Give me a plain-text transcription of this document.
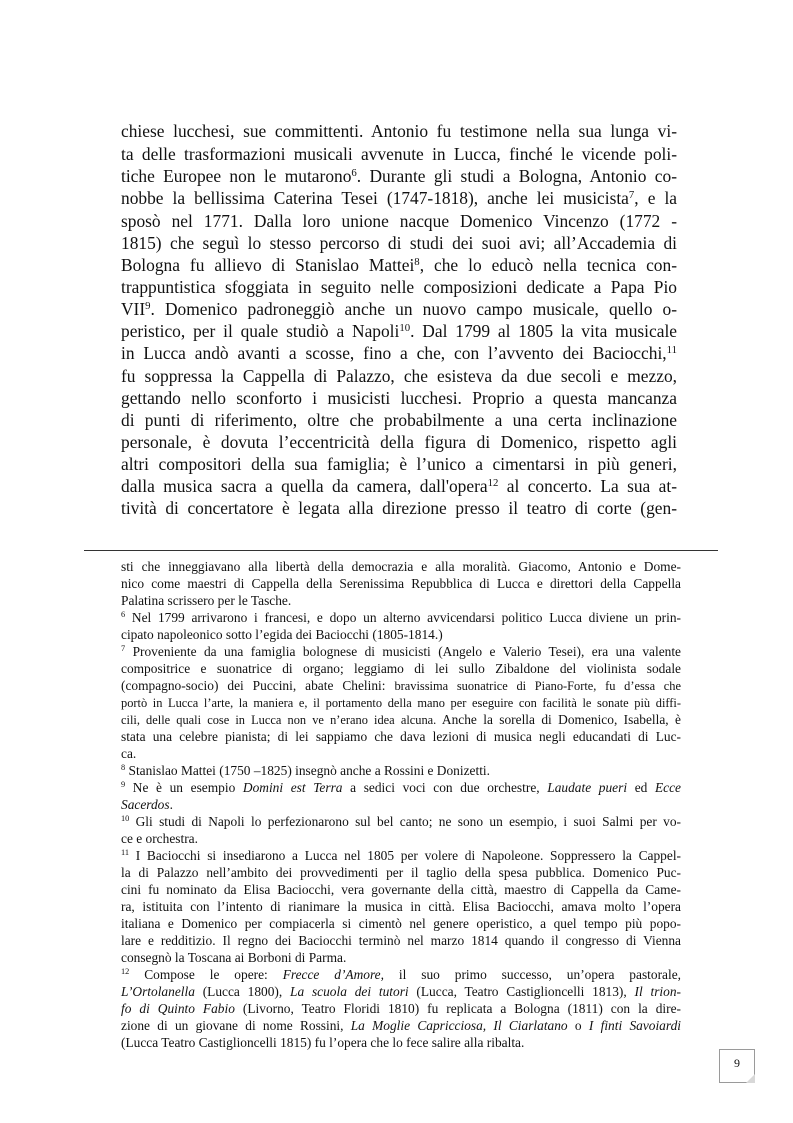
chiese lucchesi, sue committenti. Antonio fu testimone nella sua lunga vi-
ta delle trasformazioni musicali avvenute in Lucca, finché le vicende poli-
tiche Europee non le mutarono$^6$. Durante gli studi a Bologna, Antonio co-
nobbe la bellissima Caterina Tesei (1747-1818), anche lei musicista$^7$, e la
sposò nel 1771. Dalla loro unione nacque Domenico Vincenzo (1772 -
1815) che seguì lo stesso percorso di studi dei suoi avi; all’Accademia di
Bologna fu allievo di Stanislao Mattei$^8$, che lo educò nella tecnica con-
trappuntistica sfoggiata in seguito nelle composizioni dedicate a Papa Pio
VII$^9$. Domenico padroneggiò anche un nuovo campo musicale, quello o-
peristico, per il quale studiò a Napoli$^{10}$. Dal 1799 al 1805 la vita musicale
in Lucca andò avanti a scosse, fino a che, con l’avvento dei Baciocchi,$^{11}$
fu soppressa la Cappella di Palazzo, che esisteva da due secoli e mezzo,
gettando nello sconforto i musicisti lucchesi. Proprio a questa mancanza
di punti di riferimento, oltre che probabilmente a una certa inclinazione
personale, è dovuta l’eccentricità della figura di Domenico, rispetto agli
altri compositori della sua famiglia; è l’unico a cimentarsi in più generi,
dalla musica sacra a quella da camera, dall'opera$^{12}$ al concerto. La sua at-
tività di concertatore è legata alla direzione presso il teatro di corte (gen-
sti che inneggiavano alla libertà della democrazia e alla moralità. Giacomo, Antonio e Dome-
nico come maestri di Cappella della Serenissima Repubblica di Lucca e direttori della Cappella
Palatina scrissero per le Tasche.
$^6$ Nel 1799 arrivarono i francesi, e dopo un alterno avvicendarsi politico Lucca diviene un prin-
cipato napoleonico sotto l’egida dei Baciocchi (1805-1814.)
$^7$ Proveniente da una famiglia bolognese di musicisti (Angelo e Valerio Tesei), era una valente
compositrice e suonatrice di organo; leggiamo di lei sullo Zibaldone del violinista sodale
(compagno-socio) dei Puccini, abate Chelini: bravissima suonatrice di Piano-Forte, fu d’essa che
portò in Lucca l’arte, la maniera e, il portamento della mano per eseguire con facilità le sonate più diffi-
cili, delle quali cose in Lucca non ve n’erano idea alcuna. Anche la sorella di Domenico, Isabella, è
stata una celebre pianista; di lei sappiamo che dava lezioni di musica negli educandati di Luc-
ca.
$^8$ Stanislao Mattei (1750 –1825) insegnò anche a Rossini e Donizetti.
$^9$ Ne è un esempio Domini est Terra a sedici voci con due orchestre, Laudate pueri ed Ecce
Sacerdos.
$^{10}$ Gli studi di Napoli lo perfezionarono sul bel canto; ne sono un esempio, i suoi Salmi per vo-
ce e orchestra.
$^{11}$ I Baciocchi si insediarono a Lucca nel 1805 per volere di Napoleone. Soppressero la Cappel-
la di Palazzo nell’ambito dei provvedimenti per il taglio della spesa pubblica. Domenico Puc-
cini fu nominato da Elisa Baciocchi, vera governante della città, maestro di Cappella da Came-
ra, istituita con l’intento di rianimare la musica in città. Elisa Baciocchi, amava molto l’opera
italiana e Domenico per compiacerla si cimentò nel genere operistico, a quel tempo più popo-
lare e redditizio. Il regno dei Baciocchi terminò nel marzo 1814 quando il congresso di Vienna
consegnò la Toscana ai Borboni di Parma.
$^{12}$ Compose le opere: Frecce d’Amore, il suo primo successo, un’opera pastorale,
L’Ortolanella (Lucca 1800), La scuola dei tutori (Lucca, Teatro Castiglioncelli 1813), Il trion-
fo di Quinto Fabio (Livorno, Teatro Floridi 1810) fu replicata a Bologna (1811) con la dire-
zione di un giovane di nome Rossini, La Moglie Capricciosa, Il Ciarlatano o I finti Savoiardi
(Lucca Teatro Castiglioncelli 1815) fu l’opera che lo fece salire alla ribalta.
9
